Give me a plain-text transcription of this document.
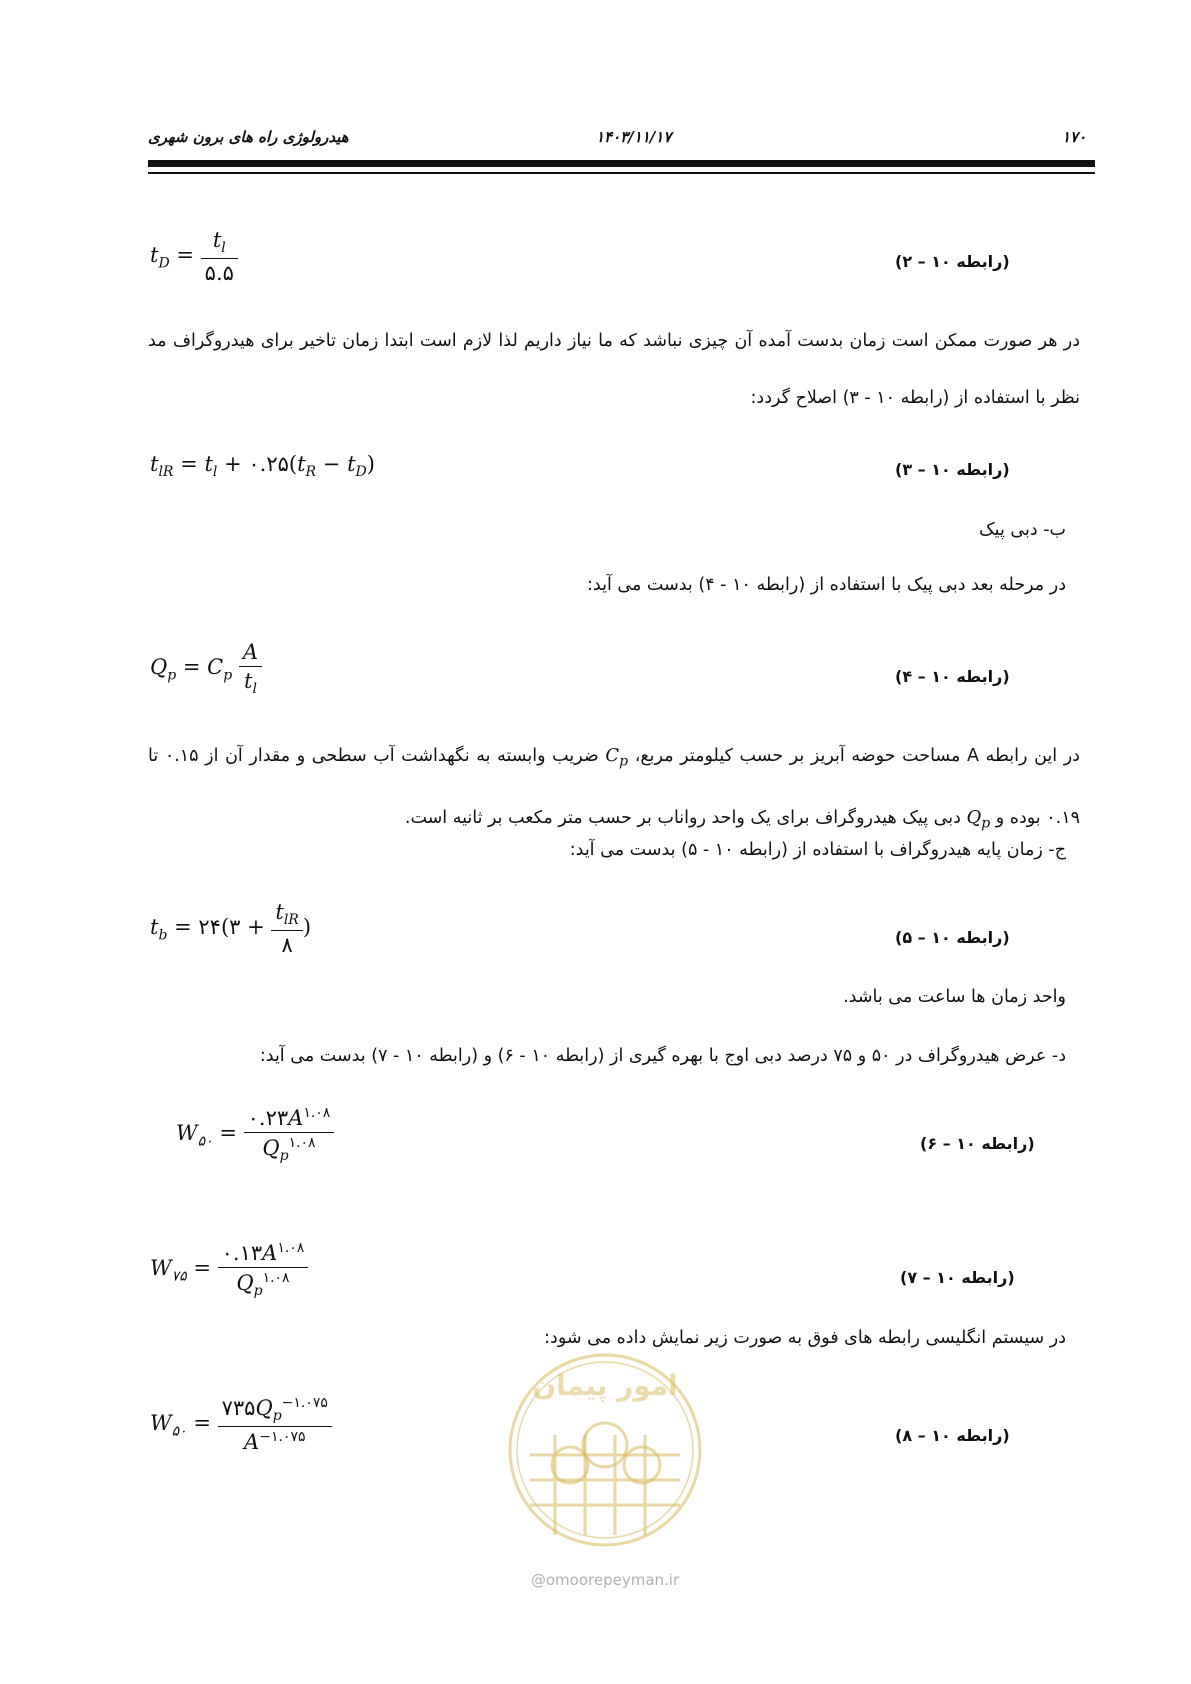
هیدرولوژی راه های برون شهری	۱۴۰۳/۱۱/۱۷	۱۷۰
$t_D = \frac{t_l}{۵.۵}$	(رابطه ۱۰ – ۲)
در هر صورت ممکن است زمان بدست آمده آن چیزی نباشد که ما نیاز داریم لذا لازم است ابتدا زمان تاخیر برای هیدروگراف مد نظر با استفاده از (رابطه ۱۰ - ۳) اصلاح گردد:
$t_{lR} = t_l$ + $۰.۲۵(t_R - t_D)$	(رابطه ۱۰ – ۳)
ب- دبی پیک
در مرحله بعد دبی پیک با استفاده از (رابطه ۱۰ - ۴) بدست می آید:
$Q_p = C_p \frac{A}{t_l}$	(رابطه ۱۰ – ۴)
در این رابطه A مساحت حوضه آبریز بر حسب کیلومتر مربع، $C_p$ ضریب وابسته به نگهداشت آب سطحی و مقدار آن از ۰.۱۵ تا ۰.۱۹ بوده و $Q_p$ دبی پیک هیدروگراف برای یک واحد رواناب بر حسب متر مکعب بر ثانیه است.
ج- زمان پایه هیدروگراف با استفاده از (رابطه ۱۰ - ۵) بدست می آید:
$t_b$ = ۲۴(۳ + $\frac{t_{lR}}{۸}$ )	(رابطه ۱۰ – ۵)
واحد زمان ها ساعت می باشد.
د- عرض هیدروگراف در ۵۰ و ۷۵ درصد دبی اوج با بهره گیری از (رابطه ۱۰ - ۶) و (رابطه ۱۰ - ۷) بدست می آید:
$W_{۵۰} = \frac{۰.۲۳A^{۱.۰۸}}{Q_p^{۱.۰۸}}$	(رابطه ۱۰ – ۶)
$W_{۷۵} = \frac{۰.۱۳A^{۱.۰۸}}{Q_p^{۱.۰۸}}$	(رابطه ۱۰ – ۷)
در سیستم انگلیسی رابطه های فوق به صورت زیر نمایش داده می شود:
$W_{۵۰} = \frac{۷۳۵Q_p^{-۱.۰۷۵}}{A^{-۱.۰۷۵}}$	(رابطه ۱۰ – ۸)
امور پیمان
@omoorepeyman.ir
